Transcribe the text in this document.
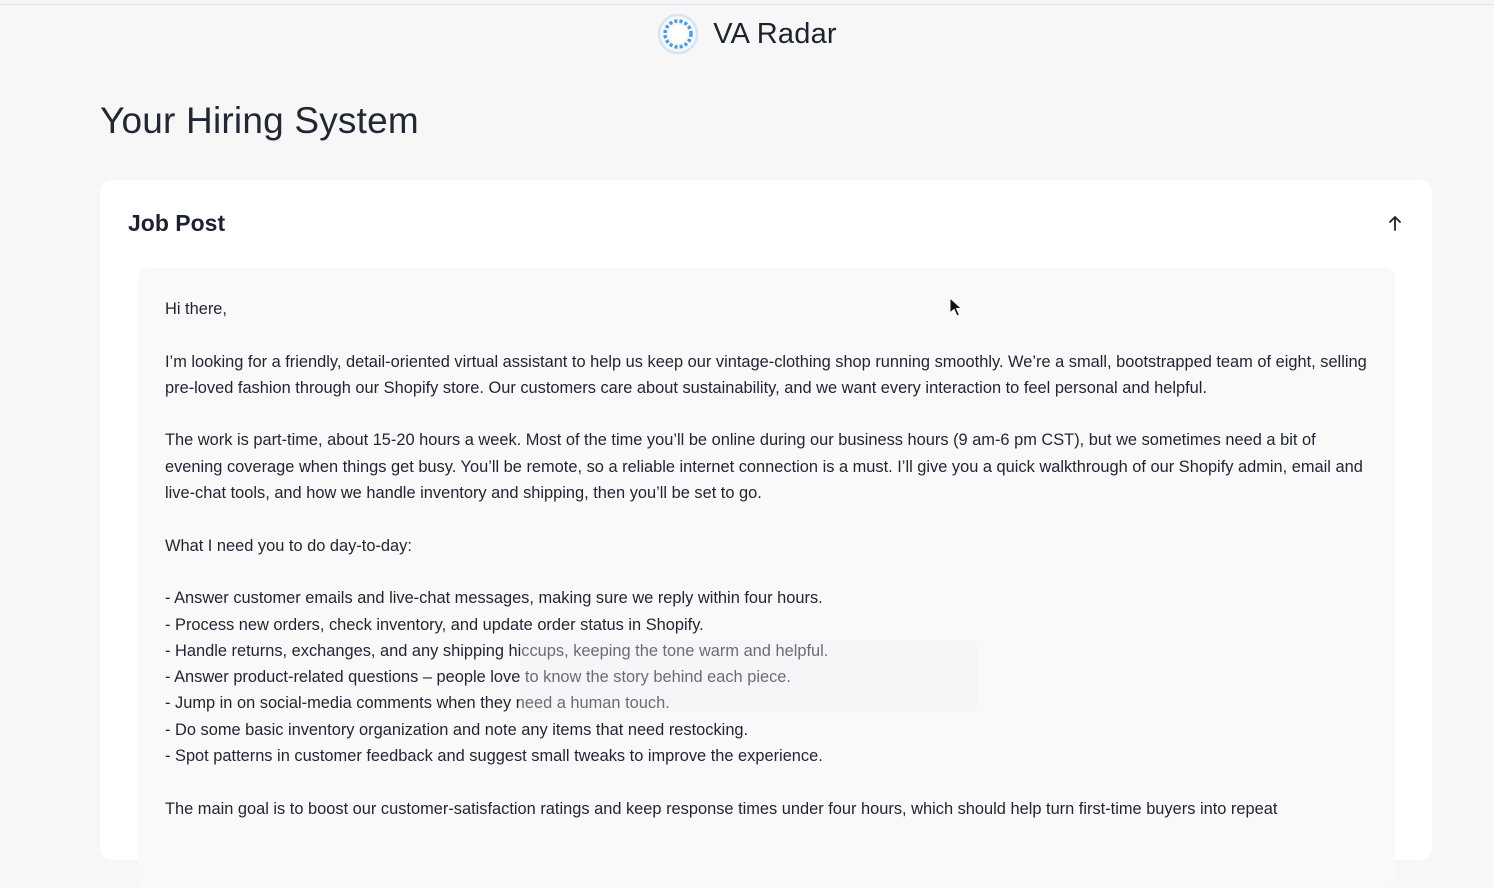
VA Radar
Your Hiring System
Job Post

Hi there,

I’m looking for a friendly, detail-oriented virtual assistant to help us keep our vintage-clothing shop running smoothly. We’re a small, bootstrapped team of eight, selling pre-loved fashion through our Shopify store. Our customers care about sustainability, and we want every interaction to feel personal and helpful.

The work is part-time, about 15-20 hours a week. Most of the time you’ll be online during our business hours (9 am-6 pm CST), but we sometimes need a bit of evening coverage when things get busy. You’ll be remote, so a reliable internet connection is a must. I’ll give you a quick walkthrough of our Shopify admin, email and live-chat tools, and how we handle inventory and shipping, then you’ll be set to go.

What I need you to do day-to-day:

- Answer customer emails and live-chat messages, making sure we reply within four hours.
- Process new orders, check inventory, and update order status in Shopify.
- Handle returns, exchanges, and any shipping hiccups, keeping the tone warm and helpful.
- Answer product-related questions – people love to know the story behind each piece.
- Jump in on social-media comments when they need a human touch.
- Do some basic inventory organization and note any items that need restocking.
- Spot patterns in customer feedback and suggest small tweaks to improve the experience.

The main goal is to boost our customer-satisfaction ratings and keep response times under four hours, which should help turn first-time buyers into repeat
